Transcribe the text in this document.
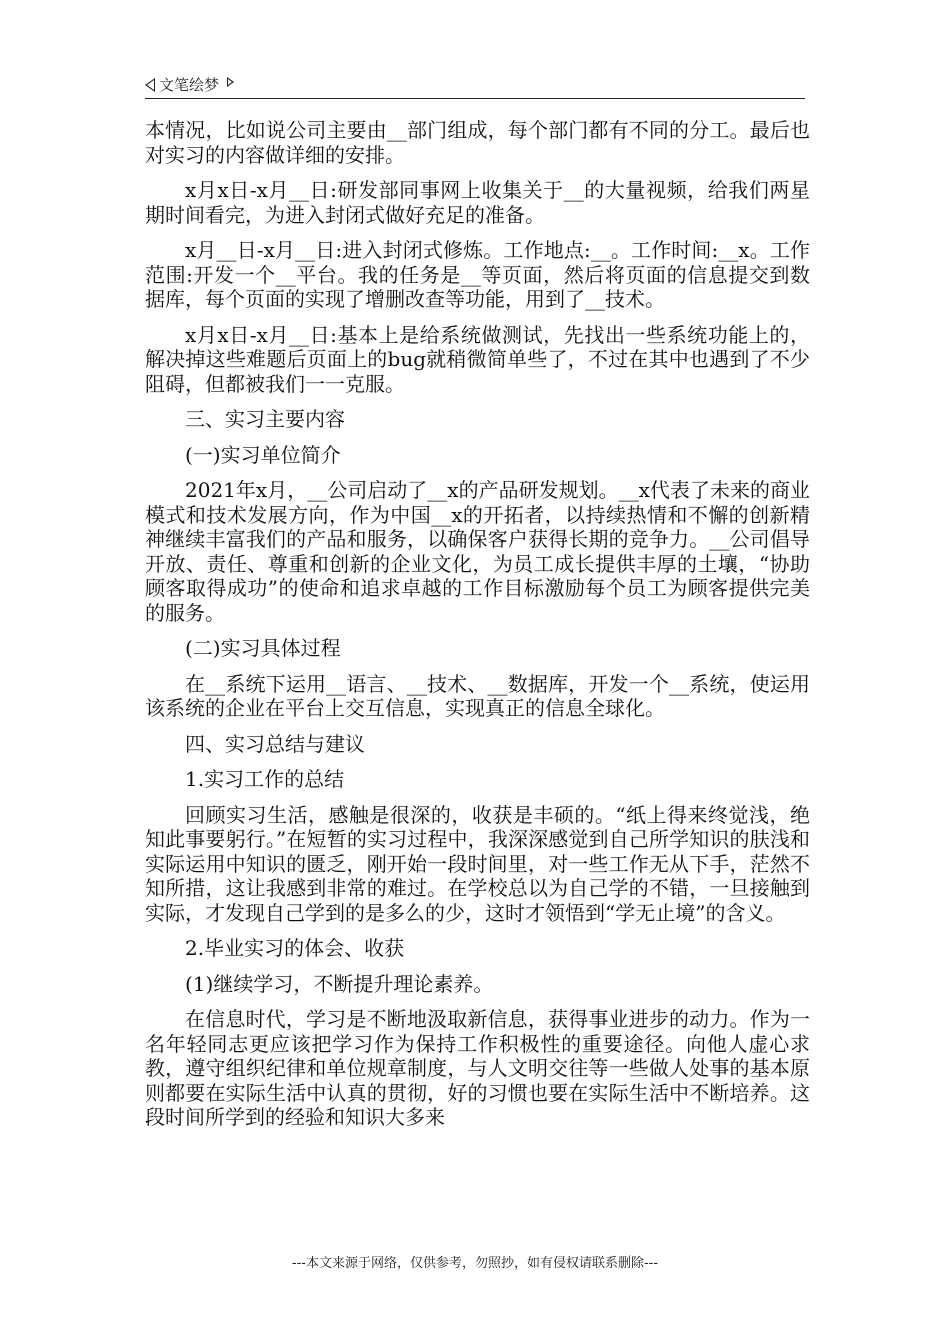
文笔绘梦

本情况，比如说公司主要由__部门组成，每个部门都有不同的分工。最后也对实习的内容做详细的安排。

x月x日-x月__日:研发部同事网上收集关于__的大量视频，给我们两星期时间看完，为进入封闭式做好充足的准备。

x月__日-x月__日:进入封闭式修炼。工作地点:__。工作时间:__x。工作范围:开发一个__平台。我的任务是__等页面，然后将页面的信息提交到数据库，每个页面的实现了增删改查等功能，用到了__技术。

x月x日-x月__日:基本上是给系统做测试，先找出一些系统功能上的，解决掉这些难题后页面上的bug就稍微简单些了，不过在其中也遇到了不少阻碍，但都被我们一一克服。

三、实习主要内容

(一)实习单位简介

2021年x月，__公司启动了__x的产品研发规划。__x代表了未来的商业模式和技术发展方向，作为中国__x的开拓者，以持续热情和不懈的创新精神继续丰富我们的产品和服务，以确保客户获得长期的竞争力。__公司倡导开放、责任、尊重和创新的企业文化，为员工成长提供丰厚的土壤，“协助顾客取得成功”的使命和追求卓越的工作目标激励每个员工为顾客提供完美的服务。

(二)实习具体过程

在__系统下运用__语言、__技术、__数据库，开发一个__系统，使运用该系统的企业在平台上交互信息，实现真正的信息全球化。

四、实习总结与建议

1.实习工作的总结

回顾实习生活，感触是很深的，收获是丰硕的。“纸上得来终觉浅，绝知此事要躬行。”在短暂的实习过程中，我深深感觉到自己所学知识的肤浅和实际运用中知识的匮乏，刚开始一段时间里，对一些工作无从下手，茫然不知所措，这让我感到非常的难过。在学校总以为自己学的不错，一旦接触到实际，才发现自己学到的是多么的少，这时才领悟到“学无止境”的含义。

2.毕业实习的体会、收获

(1)继续学习，不断提升理论素养。

在信息时代，学习是不断地汲取新信息，获得事业进步的动力。作为一名年轻同志更应该把学习作为保持工作积极性的重要途径。向他人虚心求教，遵守组织纪律和单位规章制度，与人文明交往等一些做人处事的基本原则都要在实际生活中认真的贯彻，好的习惯也要在实际生活中不断培养。这段时间所学到的经验和知识大多来

---本文来源于网络，仅供参考，勿照抄，如有侵权请联系删除---
